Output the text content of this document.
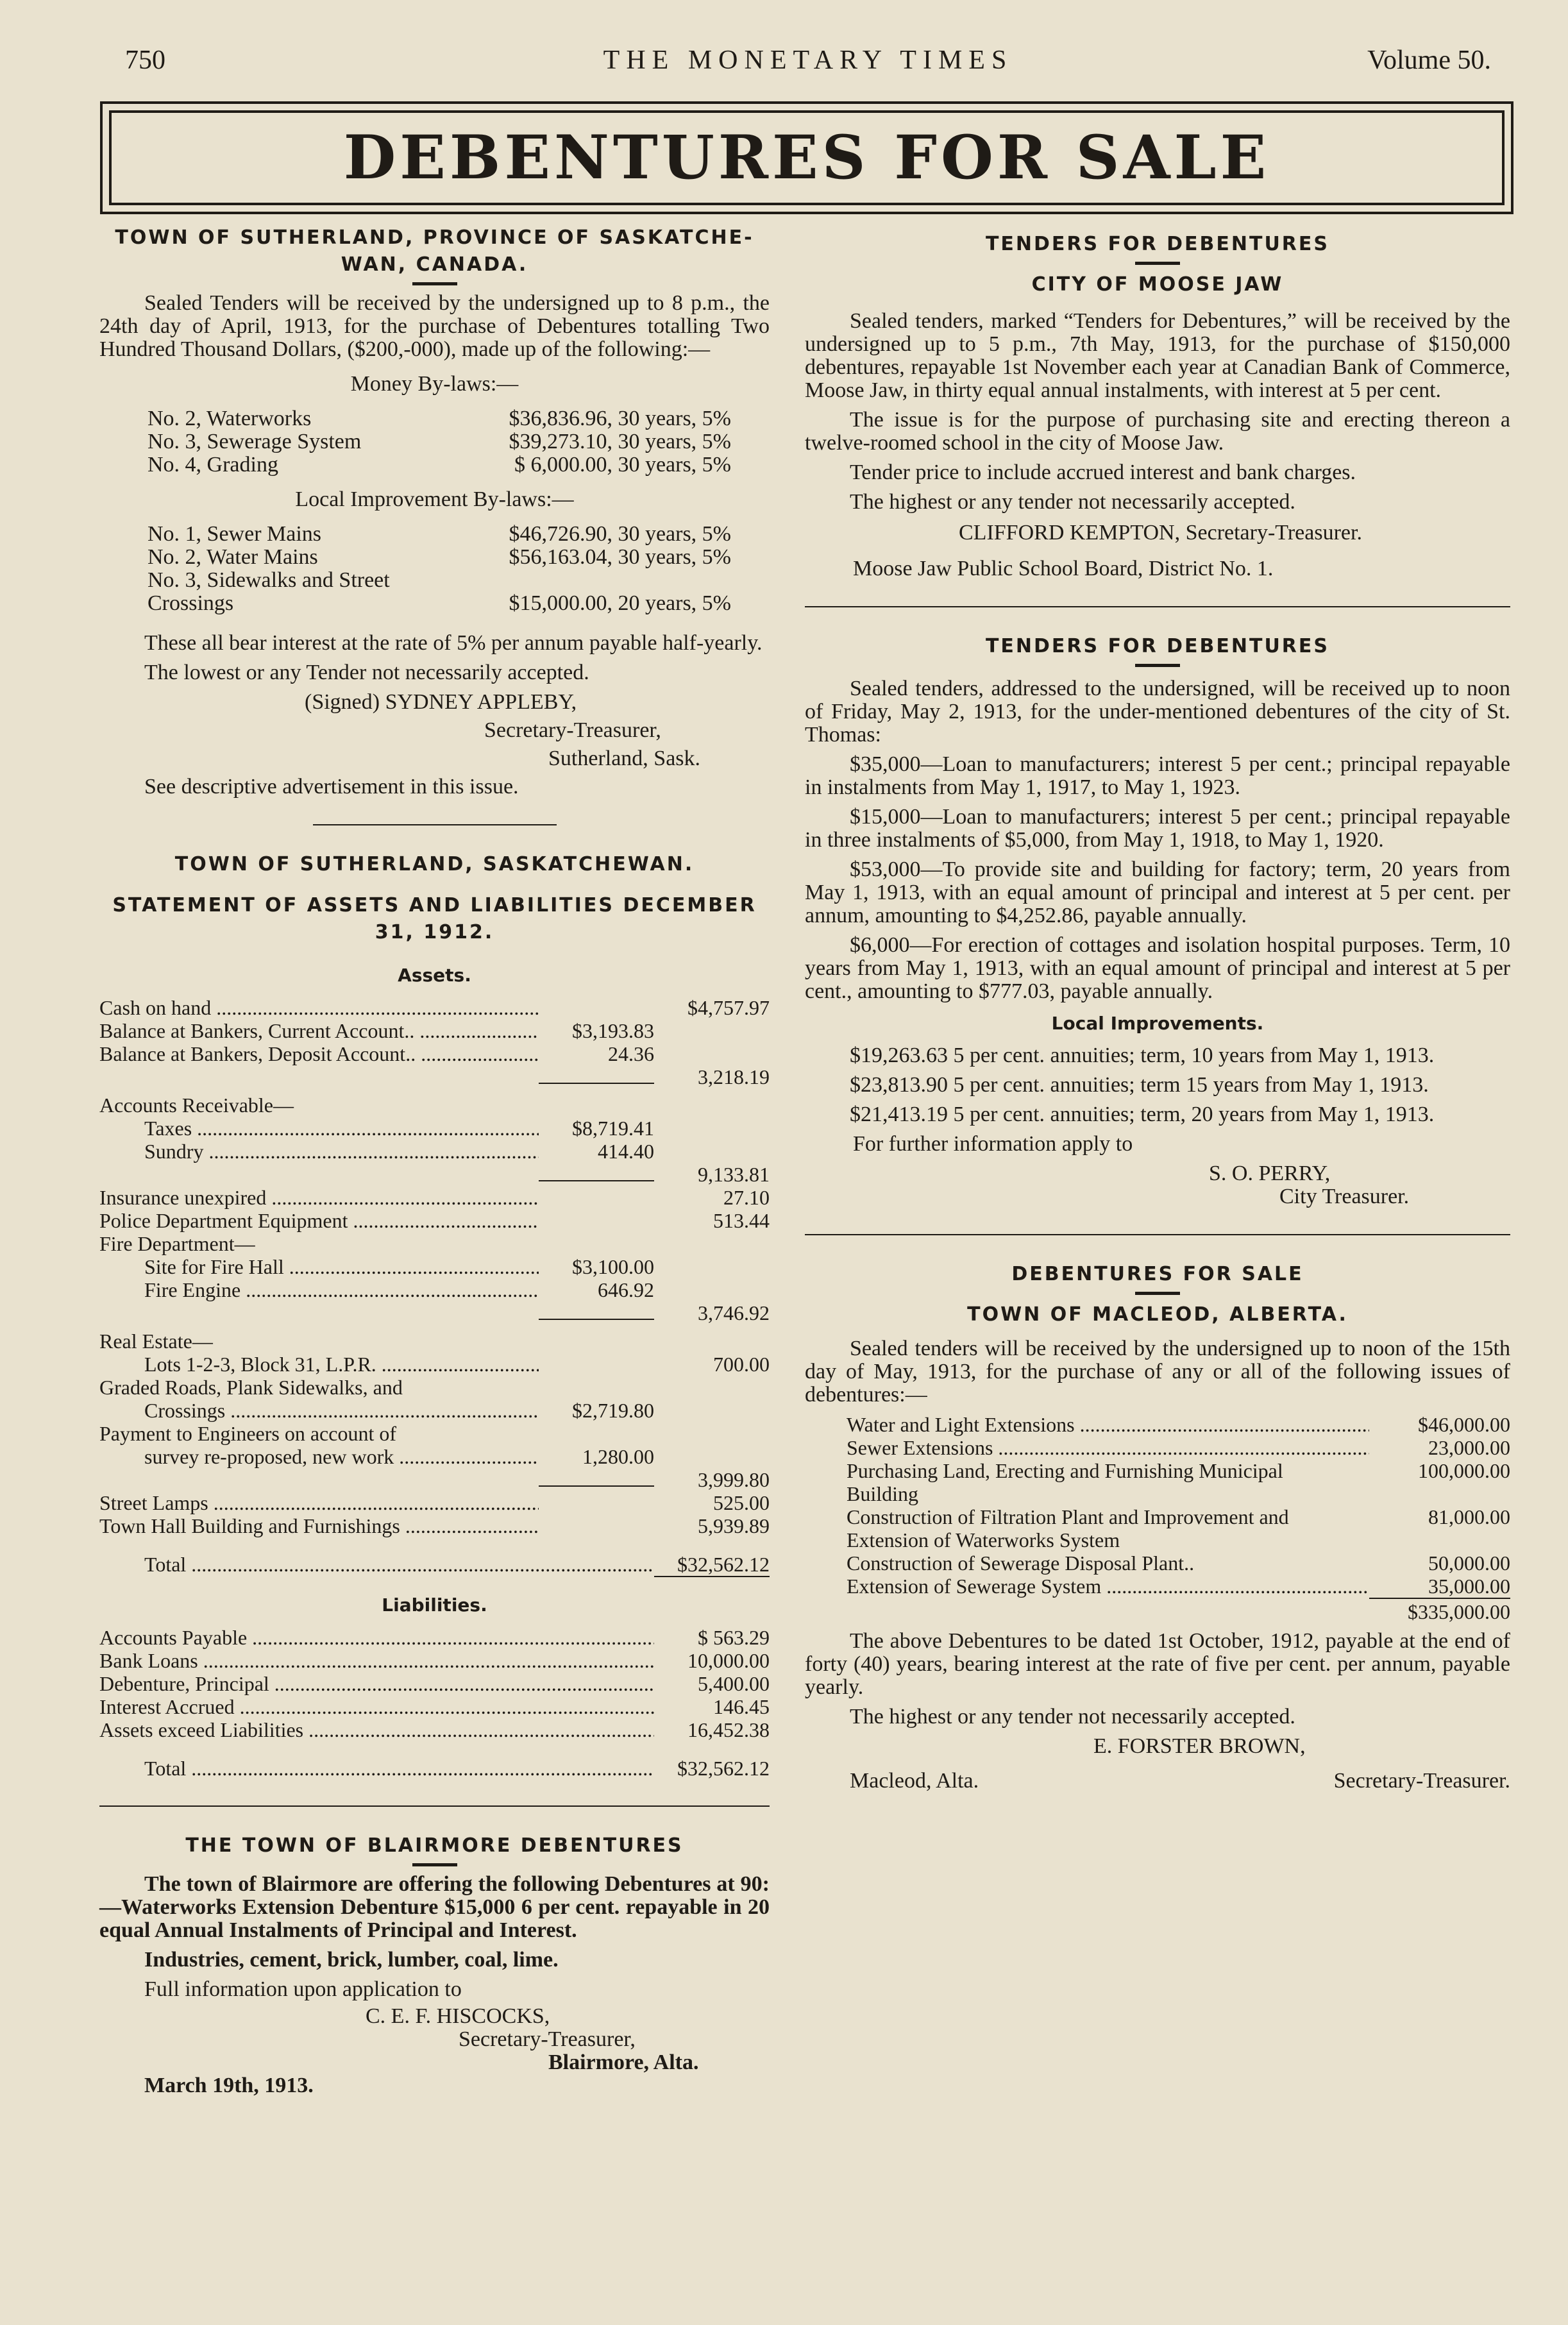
750	THE MONETARY TIMES	Volume 50.
DEBENTURES FOR SALE
TOWN OF SUTHERLAND, PROVINCE OF SASKATCHE-WAN, CANADA.

Sealed Tenders will be received by the undersigned up to 8 p.m., the 24th day of April, 1913, for the purchase of Debentures totalling Two Hundred Thousand Dollars, ($200,-000), made up of the following:—

Money By-laws:—
No. 2, Waterworks	$36,836.96, 30 years, 5%
No. 3, Sewerage System	$39,273.10, 30 years, 5%
No. 4, Grading	$ 6,000.00, 30 years, 5%
Local Improvement By-laws:—
No. 1, Sewer Mains	$46,726.90, 30 years, 5%
No. 2, Water Mains	$56,163.04, 30 years, 5%
No. 3, Sidewalks and Street Crossings	$15,000.00, 20 years, 5%

These all bear interest at the rate of 5% per annum payable half-yearly.

The lowest or any Tender not necessarily accepted.

(Signed) SYDNEY APPLEBY,
Secretary-Treasurer,
Sutherland, Sask.
See descriptive advertisement in this issue.
TOWN OF SUTHERLAND, SASKATCHEWAN.
STATEMENT OF ASSETS AND LIABILITIES DECEMBER 31, 1912.
Assets.
Cash on hand .....	$4,757.97
Balance at Bankers, Current Account.. .....	$3,193.83
Balance at Bankers, Deposit Account.. .....	24.36
3,218.19
Accounts Receivable—
Taxes .....	$8,719.41
Sundry .....	414.40
9,133.81
Insurance unexpired .....	27.10
Police Department Equipment .....	513.44
Fire Department—
Site for Fire Hall .....	$3,100.00
Fire Engine .....	646.92
3,746.92
Real Estate—
Lots 1-2-3, Block 31, L.P.R. .....	700.00
Graded Roads, Plank Sidewalks, and
Crossings .....	$2,719.80
Payment to Engineers on account of
survey re-proposed, new work .....	1,280.00
3,999.80
Street Lamps .....	525.00
Town Hall Building and Furnishings .....	5,939.89
Total .....	$32,562.12
Liabilities.
Accounts Payable .....	$ 563.29
Bank Loans .....	10,000.00
Debenture, Principal .....	5,400.00
Interest Accrued .....	146.45
Assets exceed Liabilities .....	16,452.38
Total .....	$32,562.12
THE TOWN OF BLAIRMORE DEBENTURES

The town of Blairmore are offering the following Debentures at 90:—Waterworks Extension Debenture $15,000 6 per cent. repayable in 20 equal Annual Instalments of Principal and Interest.

Industries, cement, brick, lumber, coal, lime.

Full information upon application to
C. E. F. HISCOCKS,
Secretary-Treasurer,
Blairmore, Alta.
March 19th, 1913.
TENDERS FOR DEBENTURES
CITY OF MOOSE JAW

Sealed tenders, marked “Tenders for Debentures,” will be received by the undersigned up to 5 p.m., 7th May, 1913, for the purchase of $150,000 debentures, repayable 1st November each year at Canadian Bank of Commerce, Moose Jaw, in thirty equal annual instalments, with interest at 5 per cent.

The issue is for the purpose of purchasing site and erecting thereon a twelve-roomed school in the city of Moose Jaw.

Tender price to include accrued interest and bank charges.

The highest or any tender not necessarily accepted.

CLIFFORD KEMPTON, Secretary-Treasurer.
Moose Jaw Public School Board, District No. 1.
TENDERS FOR DEBENTURES

Sealed tenders, addressed to the undersigned, will be received up to noon of Friday, May 2, 1913, for the under-mentioned debentures of the city of St. Thomas:

$35,000—Loan to manufacturers; interest 5 per cent.; principal repayable in instalments from May 1, 1917, to May 1, 1923.

$15,000—Loan to manufacturers; interest 5 per cent.; principal repayable in three instalments of $5,000, from May 1, 1918, to May 1, 1920.

$53,000—To provide site and building for factory; term, 20 years from May 1, 1913, with an equal amount of principal and interest at 5 per cent. per annum, amounting to $4,252.86, payable annually.

$6,000—For erection of cottages and isolation hospital purposes. Term, 10 years from May 1, 1913, with an equal amount of principal and interest at 5 per cent., amounting to $777.03, payable annually.

Local Improvements.

$19,263.63 5 per cent. annuities; term, 10 years from May 1, 1913.

$23,813.90 5 per cent. annuities; term 15 years from May 1, 1913.

$21,413.19 5 per cent. annuities; term, 20 years from May 1, 1913.

For further information apply to
S. O. PERRY,
City Treasurer.
DEBENTURES FOR SALE
TOWN OF MACLEOD, ALBERTA.

Sealed tenders will be received by the undersigned up to noon of the 15th day of May, 1913, for the purchase of any or all of the following issues of debentures:—

Water and Light Extensions .....	$46,000.00
Sewer Extensions .....	23,000.00
Purchasing Land, Erecting and Furnishing Municipal Building
100,000.00
Construction of Filtration Plant and Improvement and Extension of Waterworks System
81,000.00
Construction of Sewerage Disposal Plant..	50,000.00
Extension of Sewerage System .....	35,000.00
$335,000.00

The above Debentures to be dated 1st October, 1912, payable at the end of forty (40) years, bearing interest at the rate of five per cent. per annum, payable yearly.

The highest or any tender not necessarily accepted.

E. FORSTER BROWN,
Macleod, Alta.	Secretary-Treasurer.
